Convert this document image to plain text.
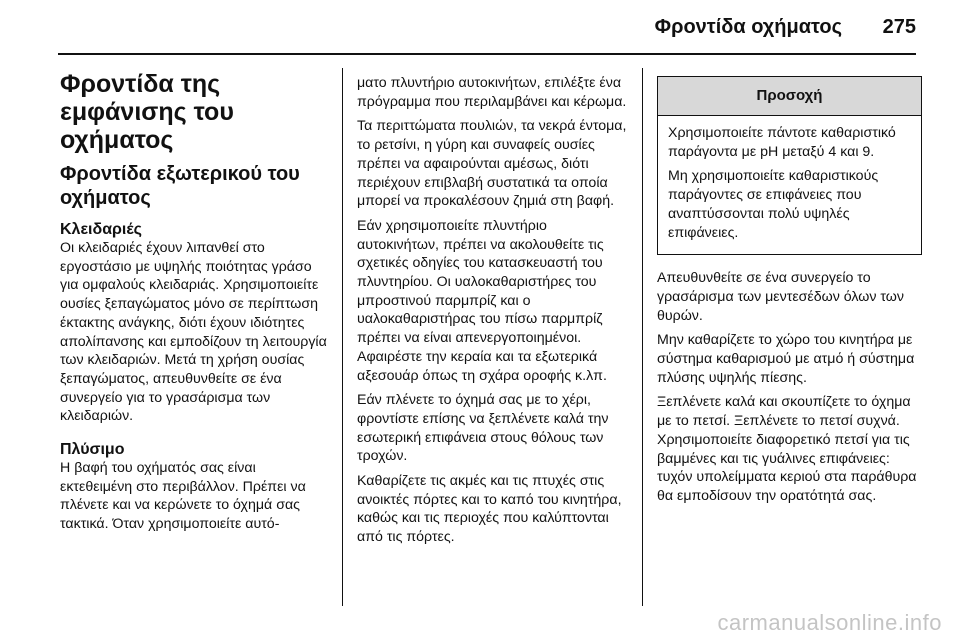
Φροντίδα οχήματος 275
Φροντίδα της εμφάνισης του οχήματος
Φροντίδα εξωτερικού του οχήματος
Κλειδαριές

Οι κλειδαριές έχουν λιπανθεί στο εργοστάσιο με υψηλής ποιότητας γράσο για ομφαλούς κλειδαριάς. Χρησιμοποιείτε ουσίες ξεπαγώματος μόνο σε περίπτωση έκτακτης ανάγκης, διότι έχουν ιδιότητες απολίπανσης και εμποδίζουν τη λειτουργία των κλειδαριών. Μετά τη χρήση ουσίας ξεπαγώματος, απευθυνθείτε σε ένα συνεργείο για το γρασάρισμα των κλειδαριών.

Πλύσιμο

Η βαφή του οχήματός σας είναι εκτεθειμένη στο περιβάλλον. Πρέπει να πλένετε και να κερώνετε το όχημά σας τακτικά. Όταν χρησιμοποιείτε αυτό-

ματο πλυντήριο αυτοκινήτων, επιλέξτε ένα πρόγραμμα που περιλαμβάνει και κέρωμα.

Τα περιττώματα πουλιών, τα νεκρά έντομα, το ρετσίνι, η γύρη και συναφείς ουσίες πρέπει να αφαιρούνται αμέσως, διότι περιέχουν επιβλαβή συστατικά τα οποία μπορεί να προκαλέσουν ζημιά στη βαφή.

Εάν χρησιμοποιείτε πλυντήριο αυτοκινήτων, πρέπει να ακολουθείτε τις σχετικές οδηγίες του κατασκευαστή του πλυντηρίου. Οι υαλοκαθαριστήρες του μπροστινού παρμπρίζ και ο υαλοκαθαριστήρας του πίσω παρμπρίζ πρέπει να είναι απενεργοποιημένοι. Αφαιρέστε την κεραία και τα εξωτερικά αξεσουάρ όπως τη σχάρα οροφής κ.λπ.

Εάν πλένετε το όχημά σας με το χέρι, φροντίστε επίσης να ξεπλένετε καλά την εσωτερική επιφάνεια στους θόλους των τροχών.

Καθαρίζετε τις ακμές και τις πτυχές στις ανοικτές πόρτες και το καπό του κινητήρα, καθώς και τις περιοχές που καλύπτονται από τις πόρτες.

Προσοχή

Χρησιμοποιείτε πάντοτε καθαριστικό παράγοντα με pH μεταξύ 4 και 9.

Μη χρησιμοποιείτε καθαριστικούς παράγοντες σε επιφάνειες που αναπτύσσονται πολύ υψηλές επιφάνειες.

Απευθυνθείτε σε ένα συνεργείο το γρασάρισμα των μεντεσέδων όλων των θυρών.

Μην καθαρίζετε το χώρο του κινητήρα με σύστημα καθαρισμού με ατμό ή σύστημα πλύσης υψηλής πίεσης.

Ξεπλένετε καλά και σκουπίζετε το όχημα με το πετσί. Ξεπλένετε το πετσί συχνά. Χρησιμοποιείτε διαφορετικό πετσί για τις βαμμένες και τις γυάλινες επιφάνειες: τυχόν υπολείμματα κεριού στα παράθυρα θα εμποδίσουν την ορατότητά σας.

carmanualsonline.info
